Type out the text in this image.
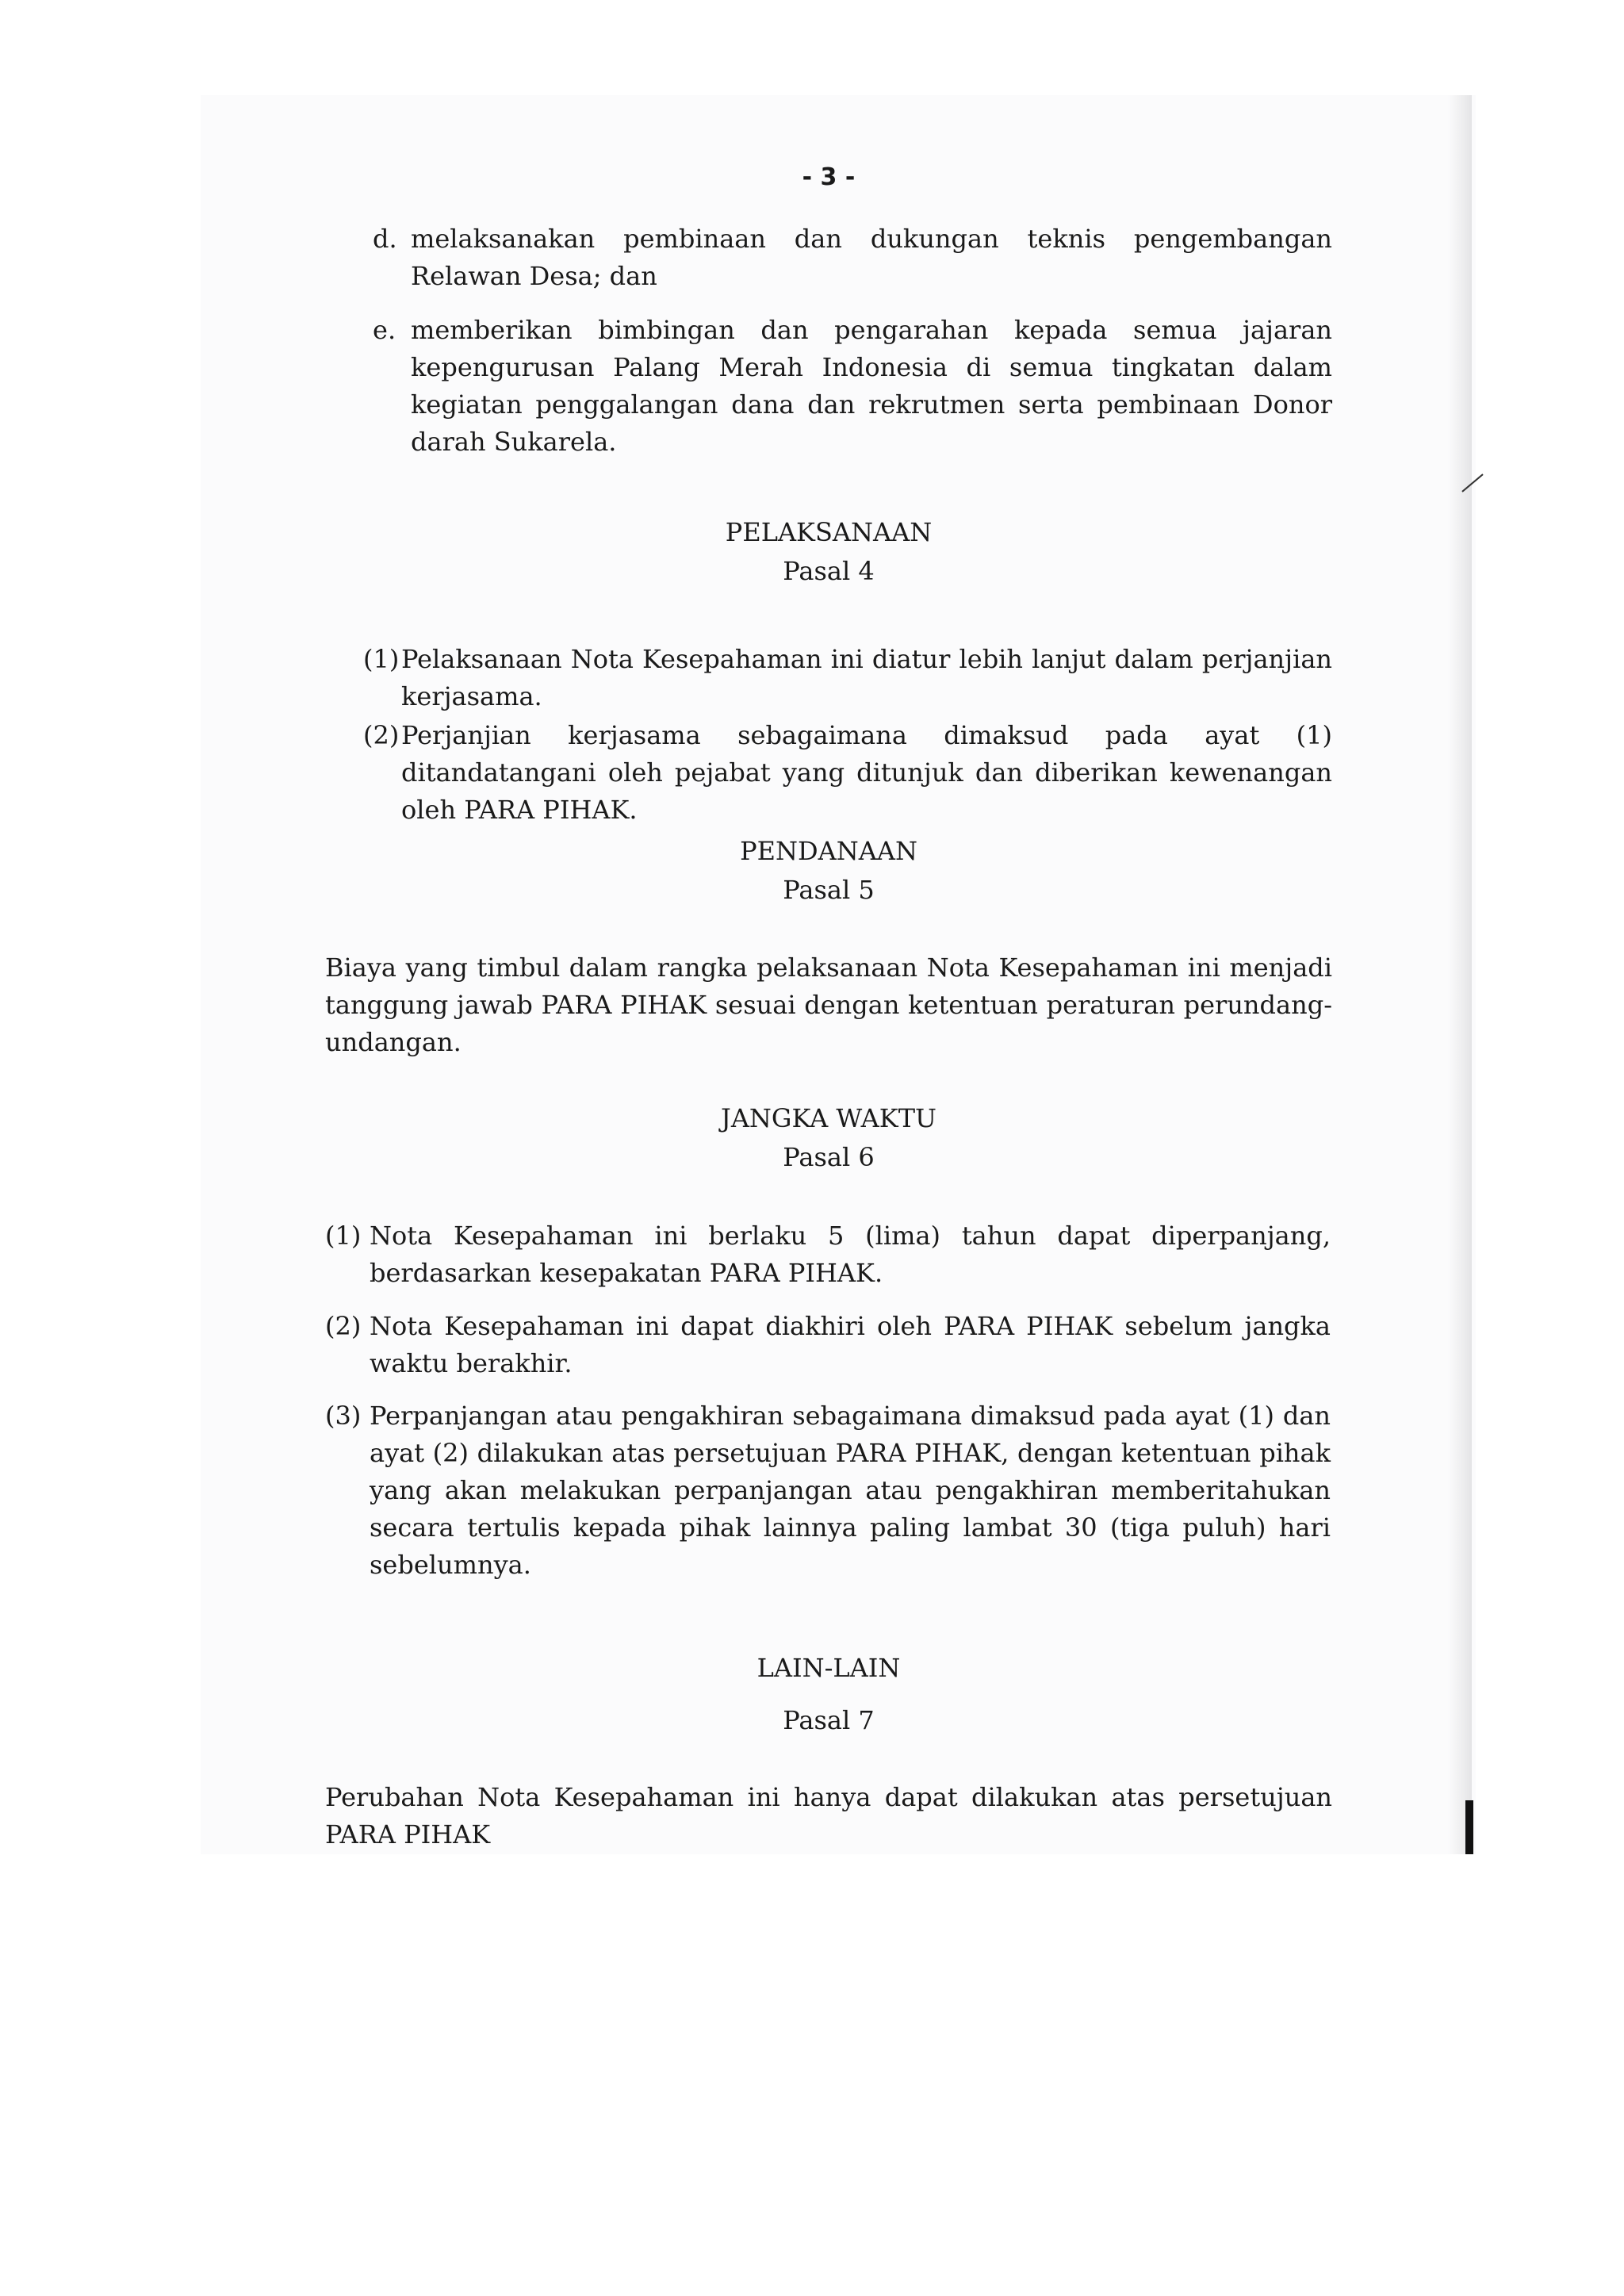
- 3 -

d. melaksanakan pembinaan dan dukungan teknis pengembangan Relawan Desa; dan

e. memberikan bimbingan dan pengarahan kepada semua jajaran kepengurusan Palang Merah Indonesia di semua tingkatan dalam kegiatan penggalangan dana dan rekrutmen serta pembinaan Donor darah Sukarela.

PELAKSANAAN

Pasal 4

(1) Pelaksanaan Nota Kesepahaman ini diatur lebih lanjut dalam perjanjian kerjasama.

(2) Perjanjian kerjasama sebagaimana dimaksud pada ayat (1) ditandatangani oleh pejabat yang ditunjuk dan diberikan kewenangan oleh PARA PIHAK.

PENDANAAN

Pasal 5

Biaya yang timbul dalam rangka pelaksanaan Nota Kesepahaman ini menjadi tanggung jawab PARA PIHAK sesuai dengan ketentuan peraturan perundang-undangan.

JANGKA WAKTU

Pasal 6

(1) Nota Kesepahaman ini berlaku 5 (lima) tahun dapat diperpanjang, berdasarkan kesepakatan PARA PIHAK.

(2) Nota Kesepahaman ini dapat diakhiri oleh PARA PIHAK sebelum jangka waktu berakhir.

(3) Perpanjangan atau pengakhiran sebagaimana dimaksud pada ayat (1) dan ayat (2) dilakukan atas persetujuan PARA PIHAK, dengan ketentuan pihak yang akan melakukan perpanjangan atau pengakhiran memberitahukan secara tertulis kepada pihak lainnya paling lambat 30 (tiga puluh) hari sebelumnya.

LAIN-LAIN

Pasal 7

Perubahan Nota Kesepahaman ini hanya dapat dilakukan atas persetujuan PARA PIHAK
